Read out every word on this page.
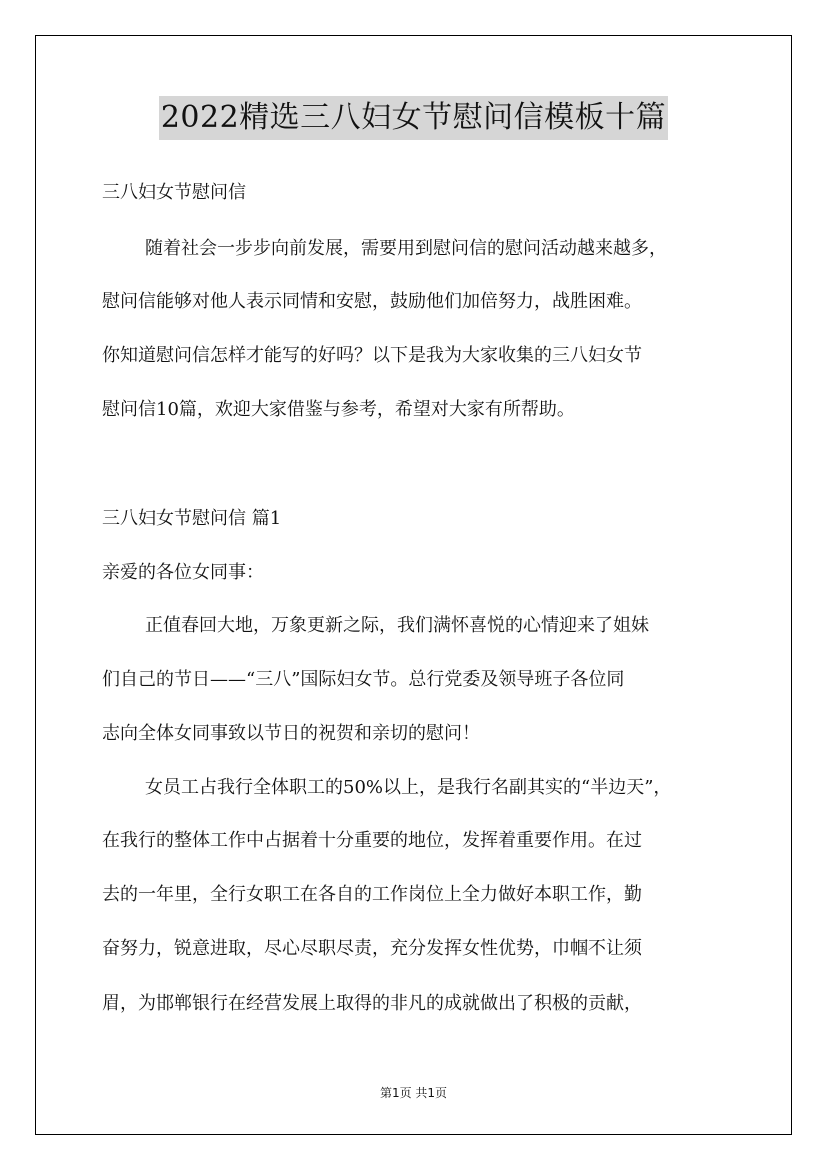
2022精选三八妇女节慰问信模板十篇
三八妇女节慰问信
随着社会一步步向前发展，需要用到慰问信的慰问活动越来越多，
慰问信能够对他人表示同情和安慰，鼓励他们加倍努力，战胜困难。
你知道慰问信怎样才能写的好吗？以下是我为大家收集的三八妇女节
慰问信10篇，欢迎大家借鉴与参考，希望对大家有所帮助。
三八妇女节慰问信 篇1
亲爱的各位女同事：
正值春回大地，万象更新之际，我们满怀喜悦的心情迎来了姐妹
们自己的节日——“三八”国际妇女节。总行党委及领导班子各位同
志向全体女同事致以节日的祝贺和亲切的慰问！
女员工占我行全体职工的50%以上，是我行名副其实的“半边天”，
在我行的整体工作中占据着十分重要的地位，发挥着重要作用。在过
去的一年里，全行女职工在各自的工作岗位上全力做好本职工作，勤
奋努力，锐意进取，尽心尽职尽责，充分发挥女性优势，巾帼不让须
眉，为邯郸银行在经营发展上取得的非凡的成就做出了积极的贡献，
第1页 共1页
